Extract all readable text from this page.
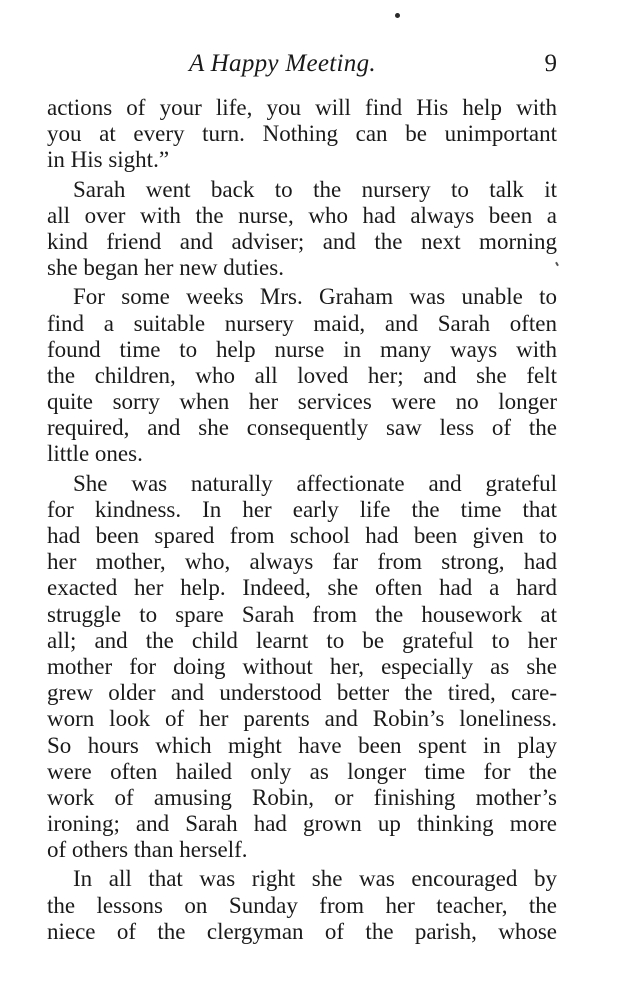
A Happy Meeting.	9
actions of your life, you will find His help with
you at every turn. Nothing can be unimportant
in His sight.”
Sarah went back to the nursery to talk it
all over with the nurse, who had always been a
kind friend and adviser; and the next morning
she began her new duties.
For some weeks Mrs. Graham was unable to
find a suitable nursery maid, and Sarah often
found time to help nurse in many ways with
the children, who all loved her; and she felt
quite sorry when her services were no longer
required, and she consequently saw less of the
little ones.
She was naturally affectionate and grateful
for kindness. In her early life the time that
had been spared from school had been given to
her mother, who, always far from strong, had
exacted her help. Indeed, she often had a hard
struggle to spare Sarah from the housework at
all; and the child learnt to be grateful to her
mother for doing without her, especially as she
grew older and understood better the tired, care-
worn look of her parents and Robin’s loneliness.
So hours which might have been spent in play
were often hailed only as longer time for the
work of amusing Robin, or finishing mother’s
ironing; and Sarah had grown up thinking more
of others than herself.
In all that was right she was encouraged by
the lessons on Sunday from her teacher, the
niece of the clergyman of the parish, whose
